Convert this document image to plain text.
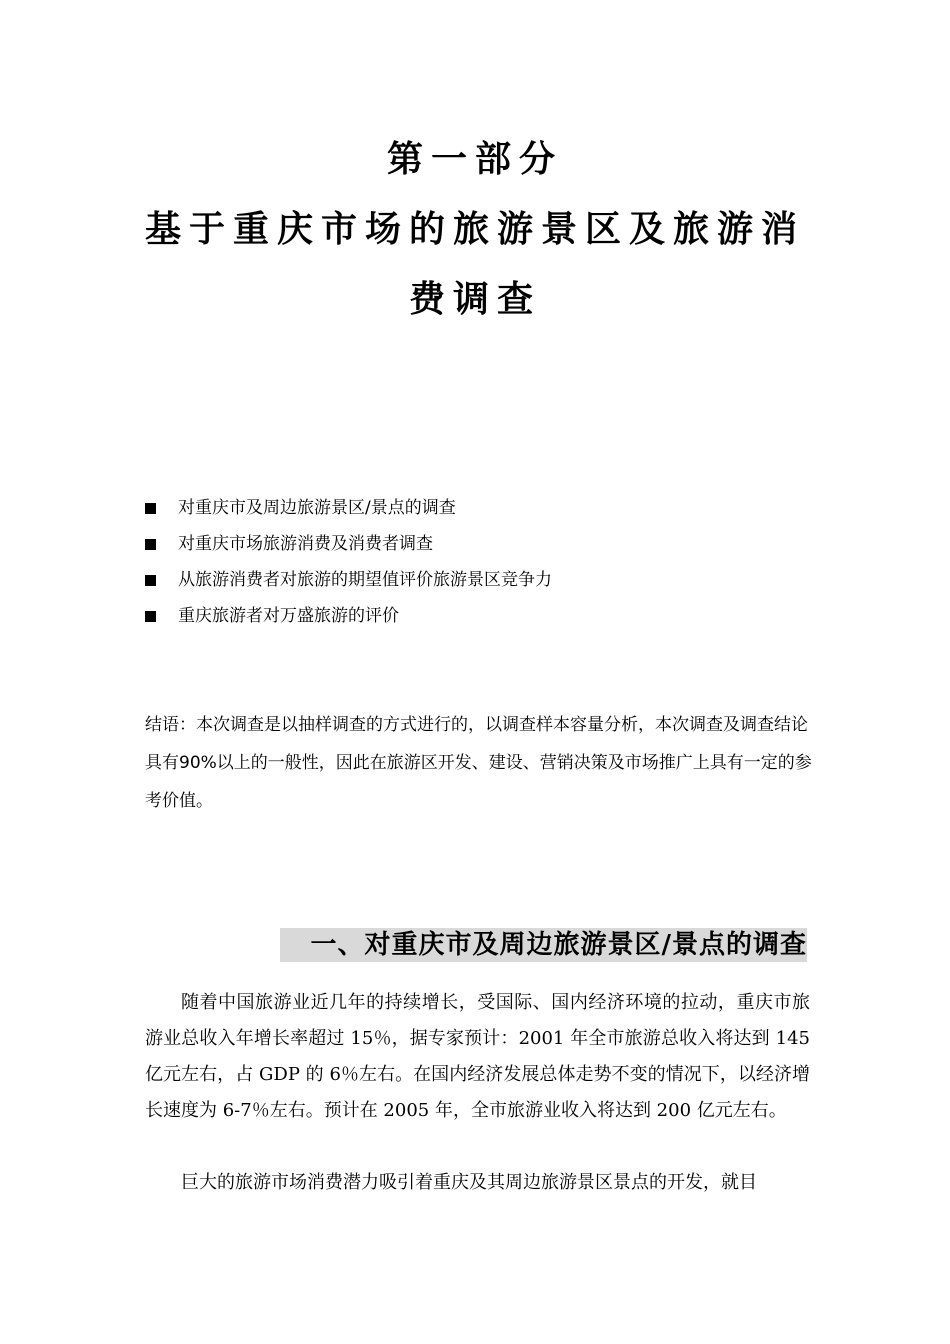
第一部分
基于重庆市场的旅游景区及旅游消
费调查
对重庆市及周边旅游景区/景点的调查
对重庆市场旅游消费及消费者调查
从旅游消费者对旅游的期望值评价旅游景区竞争力
重庆旅游者对万盛旅游的评价

结语：本次调查是以抽样调查的方式进行的，以调查样本容量分析，本次调查及调查结论具有90%以上的一般性，因此在旅游区开发、建设、营销决策及市场推广上具有一定的参考价值。

一、对重庆市及周边旅游景区/景点的调查

随着中国旅游业近几年的持续增长，受国际、国内经济环境的拉动，重庆市旅游业总收入年增长率超过 15％，据专家预计：2001 年全市旅游总收入将达到 145 亿元左右，占 GDP 的 6％左右。在国内经济发展总体走势不变的情况下，以经济增长速度为 6-7％左右。预计在 2005 年，全市旅游业收入将达到 200 亿元左右。

巨大的旅游市场消费潜力吸引着重庆及其周边旅游景区景点的开发，就目
